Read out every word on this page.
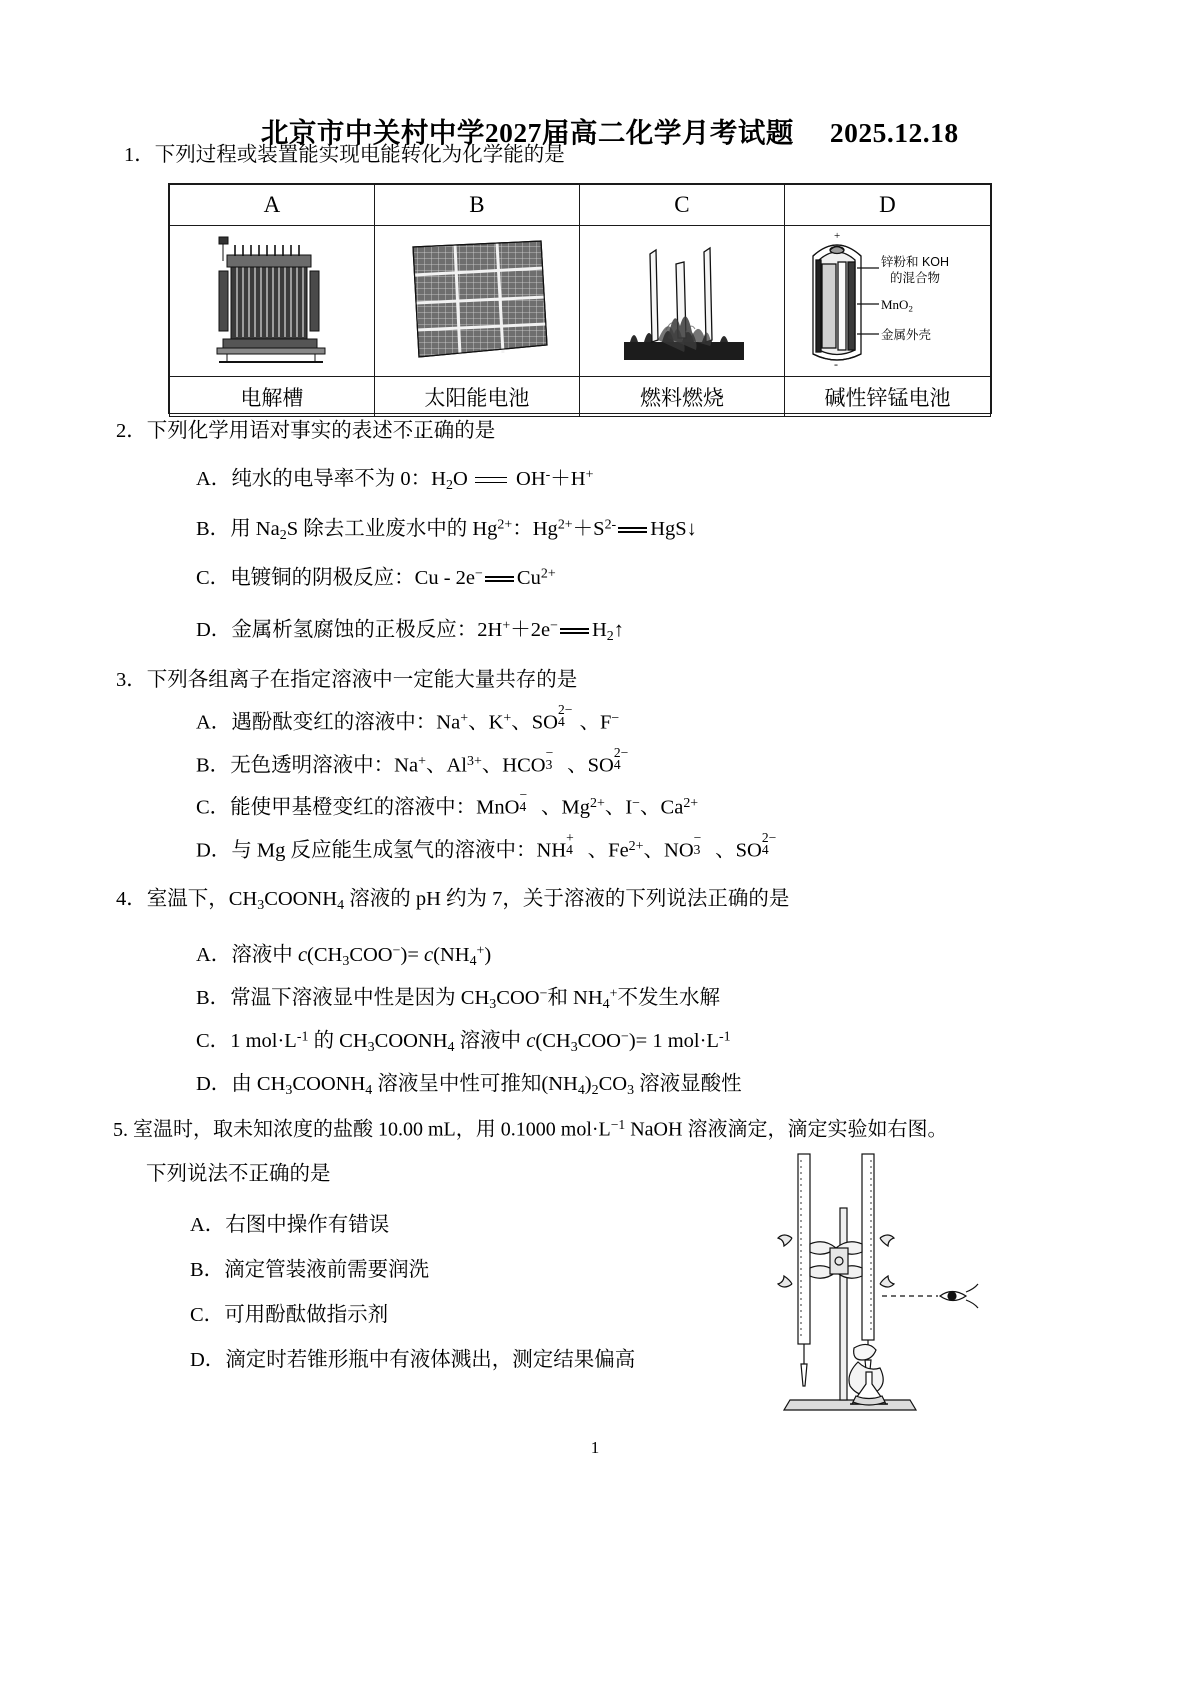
北京市中关村中学2027届高二化学月考试题 2025.12.18

1．下列过程或装置能实现电能转化为化学能的是
A	B	C	D

+
-
锌粉和 KOH
的混合物
MnO$_2$
金属外壳

电解槽	太阳能电池	燃料燃烧	碱性锌锰电池
2．下列化学用语对事实的表述不正确 ・・・的是
A．纯水的电导率不为 0：$H_2O$
OH-＋H+
B．用 $Na_2S$ 除去工业废水中的 $Hg^{2+}$：$Hg^{2+}+S^{2-}$ HgS↓
C．电镀铜的阴极反应：Cu - 2e− $Cu^{2+}$
D．金属析氢腐蚀的正极反应：2H+＋2e− $H_2↑$
3．下列各组离子在指定溶液中一定能大量共存的是
A．遇酚酞变红的溶液中：Na+、K+、SO
2−
4 、F−
B．无色透明溶液中：Na+、$Al^{3+}$、HCO
−
3 、SO
2−
4
C．能使甲基橙变红的溶液中：MnO
−
4 、$Mg^{2+}$、I−、$Ca^{2+}$
D．与 Mg 反应能生成氢气的溶液中：NH
+
4 、$Fe^{2+}$、NO
−
3 、SO
2−
4
4．室温下，$CH_3COONH_4$ 溶液的 pH 约为 7，关于溶液的下列说法正确的是
A．溶液中 $c(CH_3COO^-)= c(NH_4^+)$
B．常温下溶液显中性是因为 $CH_3COO^-$和 $NH_4^+$不发生水解
C．1 $mol\cdot L^{-1}$ 的 $CH_3COONH_4$ 溶液中 $c(CH_3COO^-)= 1$ $mol\cdot L^{-1}$
D．由 $CH_3COONH_4$ 溶液呈中性可推知$(NH_4)_2CO_3$ 溶液显酸性
5. 室温时，取未知浓度的盐酸 10.00 mL，用 0.1000 $mol\cdot L^{-1}$ NaOH 溶液滴定，滴定实验如右图。
下列说法不正确 ・・・的是
A．右图中操作有错误
B．滴定管装液前需要润洗
C．可用酚酞做指示剂
D．滴定时若锥形瓶中有液体溅出，测定结果偏高
1
